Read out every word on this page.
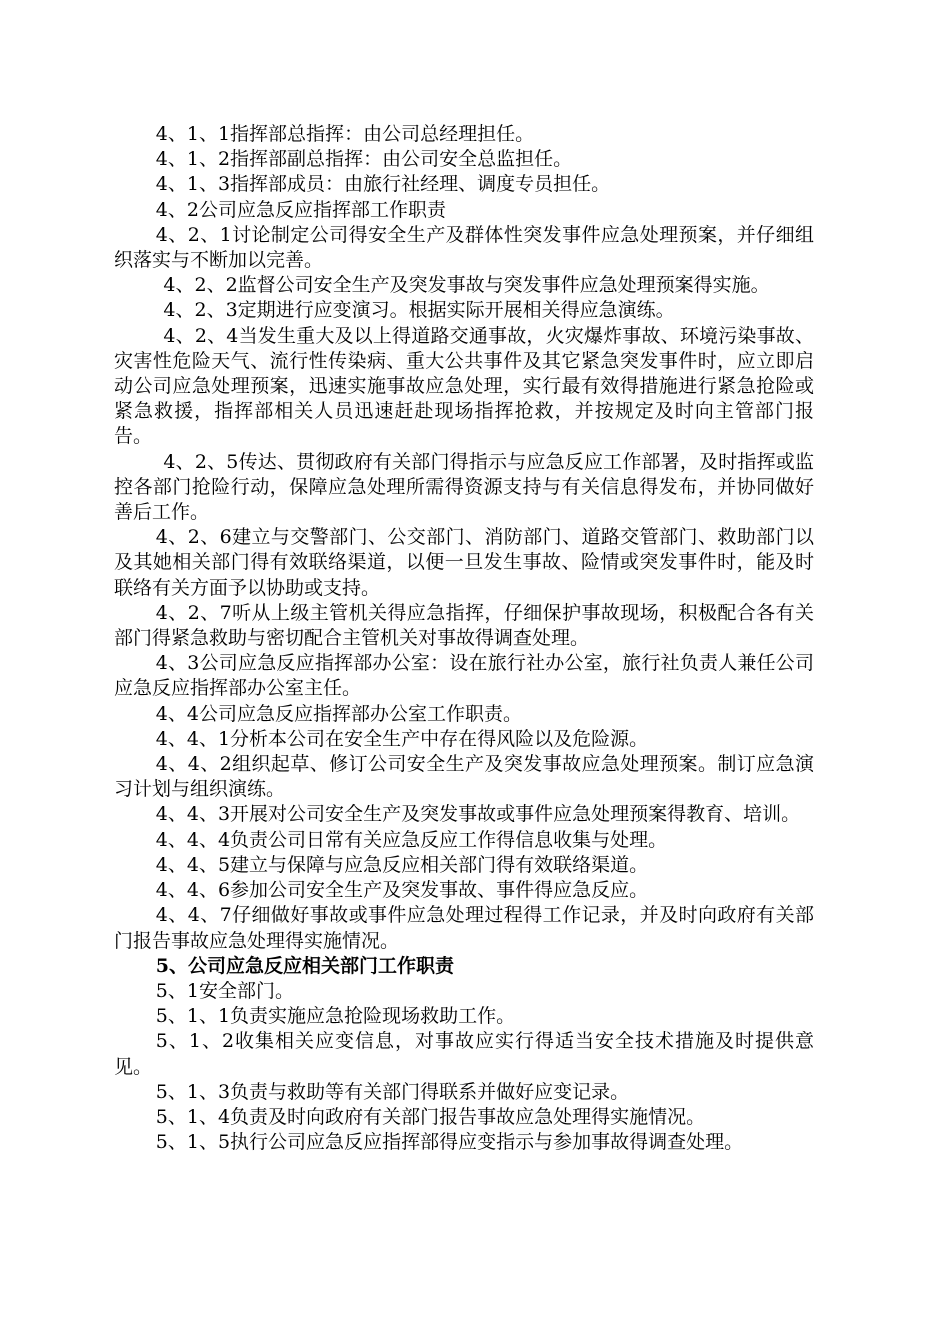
4、1、1指挥部总指挥：由公司总经理担任。

4、1、2指挥部副总指挥：由公司安全总监担任。

4、1、3指挥部成员：由旅行社经理、调度专员担任。

4、2公司应急反应指挥部工作职责

4、2、1讨论制定公司得安全生产及群体性突发事件应急处理预案，并仔细组织落实与不断加以完善。

4、2、2监督公司安全生产及突发事故与突发事件应急处理预案得实施。

4、2、3定期进行应变演习。根据实际开展相关得应急演练。

4、2、4当发生重大及以上得道路交通事故，火灾爆炸事故、环境污染事故、灾害性危险天气、流行性传染病、重大公共事件及其它紧急突发事件时，应立即启动公司应急处理预案，迅速实施事故应急处理，实行最有效得措施进行紧急抢险或紧急救援，指挥部相关人员迅速赶赴现场指挥抢救，并按规定及时向主管部门报告。

4、2、5传达、贯彻政府有关部门得指示与应急反应工作部署，及时指挥或监控各部门抢险行动，保障应急处理所需得资源支持与有关信息得发布，并协同做好善后工作。

4、2、6建立与交警部门、公交部门、消防部门、道路交管部门、救助部门以及其她相关部门得有效联络渠道，以便一旦发生事故、险情或突发事件时，能及时联络有关方面予以协助或支持。

4、2、7听从上级主管机关得应急指挥，仔细保护事故现场，积极配合各有关部门得紧急救助与密切配合主管机关对事故得调查处理。

4、3公司应急反应指挥部办公室：设在旅行社办公室，旅行社负责人兼任公司应急反应指挥部办公室主任。

4、4公司应急反应指挥部办公室工作职责。

4、4、1分析本公司在安全生产中存在得风险以及危险源。

4、4、2组织起草、修订公司安全生产及突发事故应急处理预案。制订应急演习计划与组织演练。

4、4、3开展对公司安全生产及突发事故或事件应急处理预案得教育、培训。

4、4、4负责公司日常有关应急反应工作得信息收集与处理。

4、4、5建立与保障与应急反应相关部门得有效联络渠道。

4、4、6参加公司安全生产及突发事故、事件得应急反应。

4、4、7仔细做好事故或事件应急处理过程得工作记录，并及时向政府有关部门报告事故应急处理得实施情况。

5、公司应急反应相关部门工作职责

5、1安全部门。

5、1、1负责实施应急抢险现场救助工作。

5、1、2收集相关应变信息，对事故应实行得适当安全技术措施及时提供意见。

5、1、3负责与救助等有关部门得联系并做好应变记录。

5、1、4负责及时向政府有关部门报告事故应急处理得实施情况。

5、1、5执行公司应急反应指挥部得应变指示与参加事故得调查处理。
